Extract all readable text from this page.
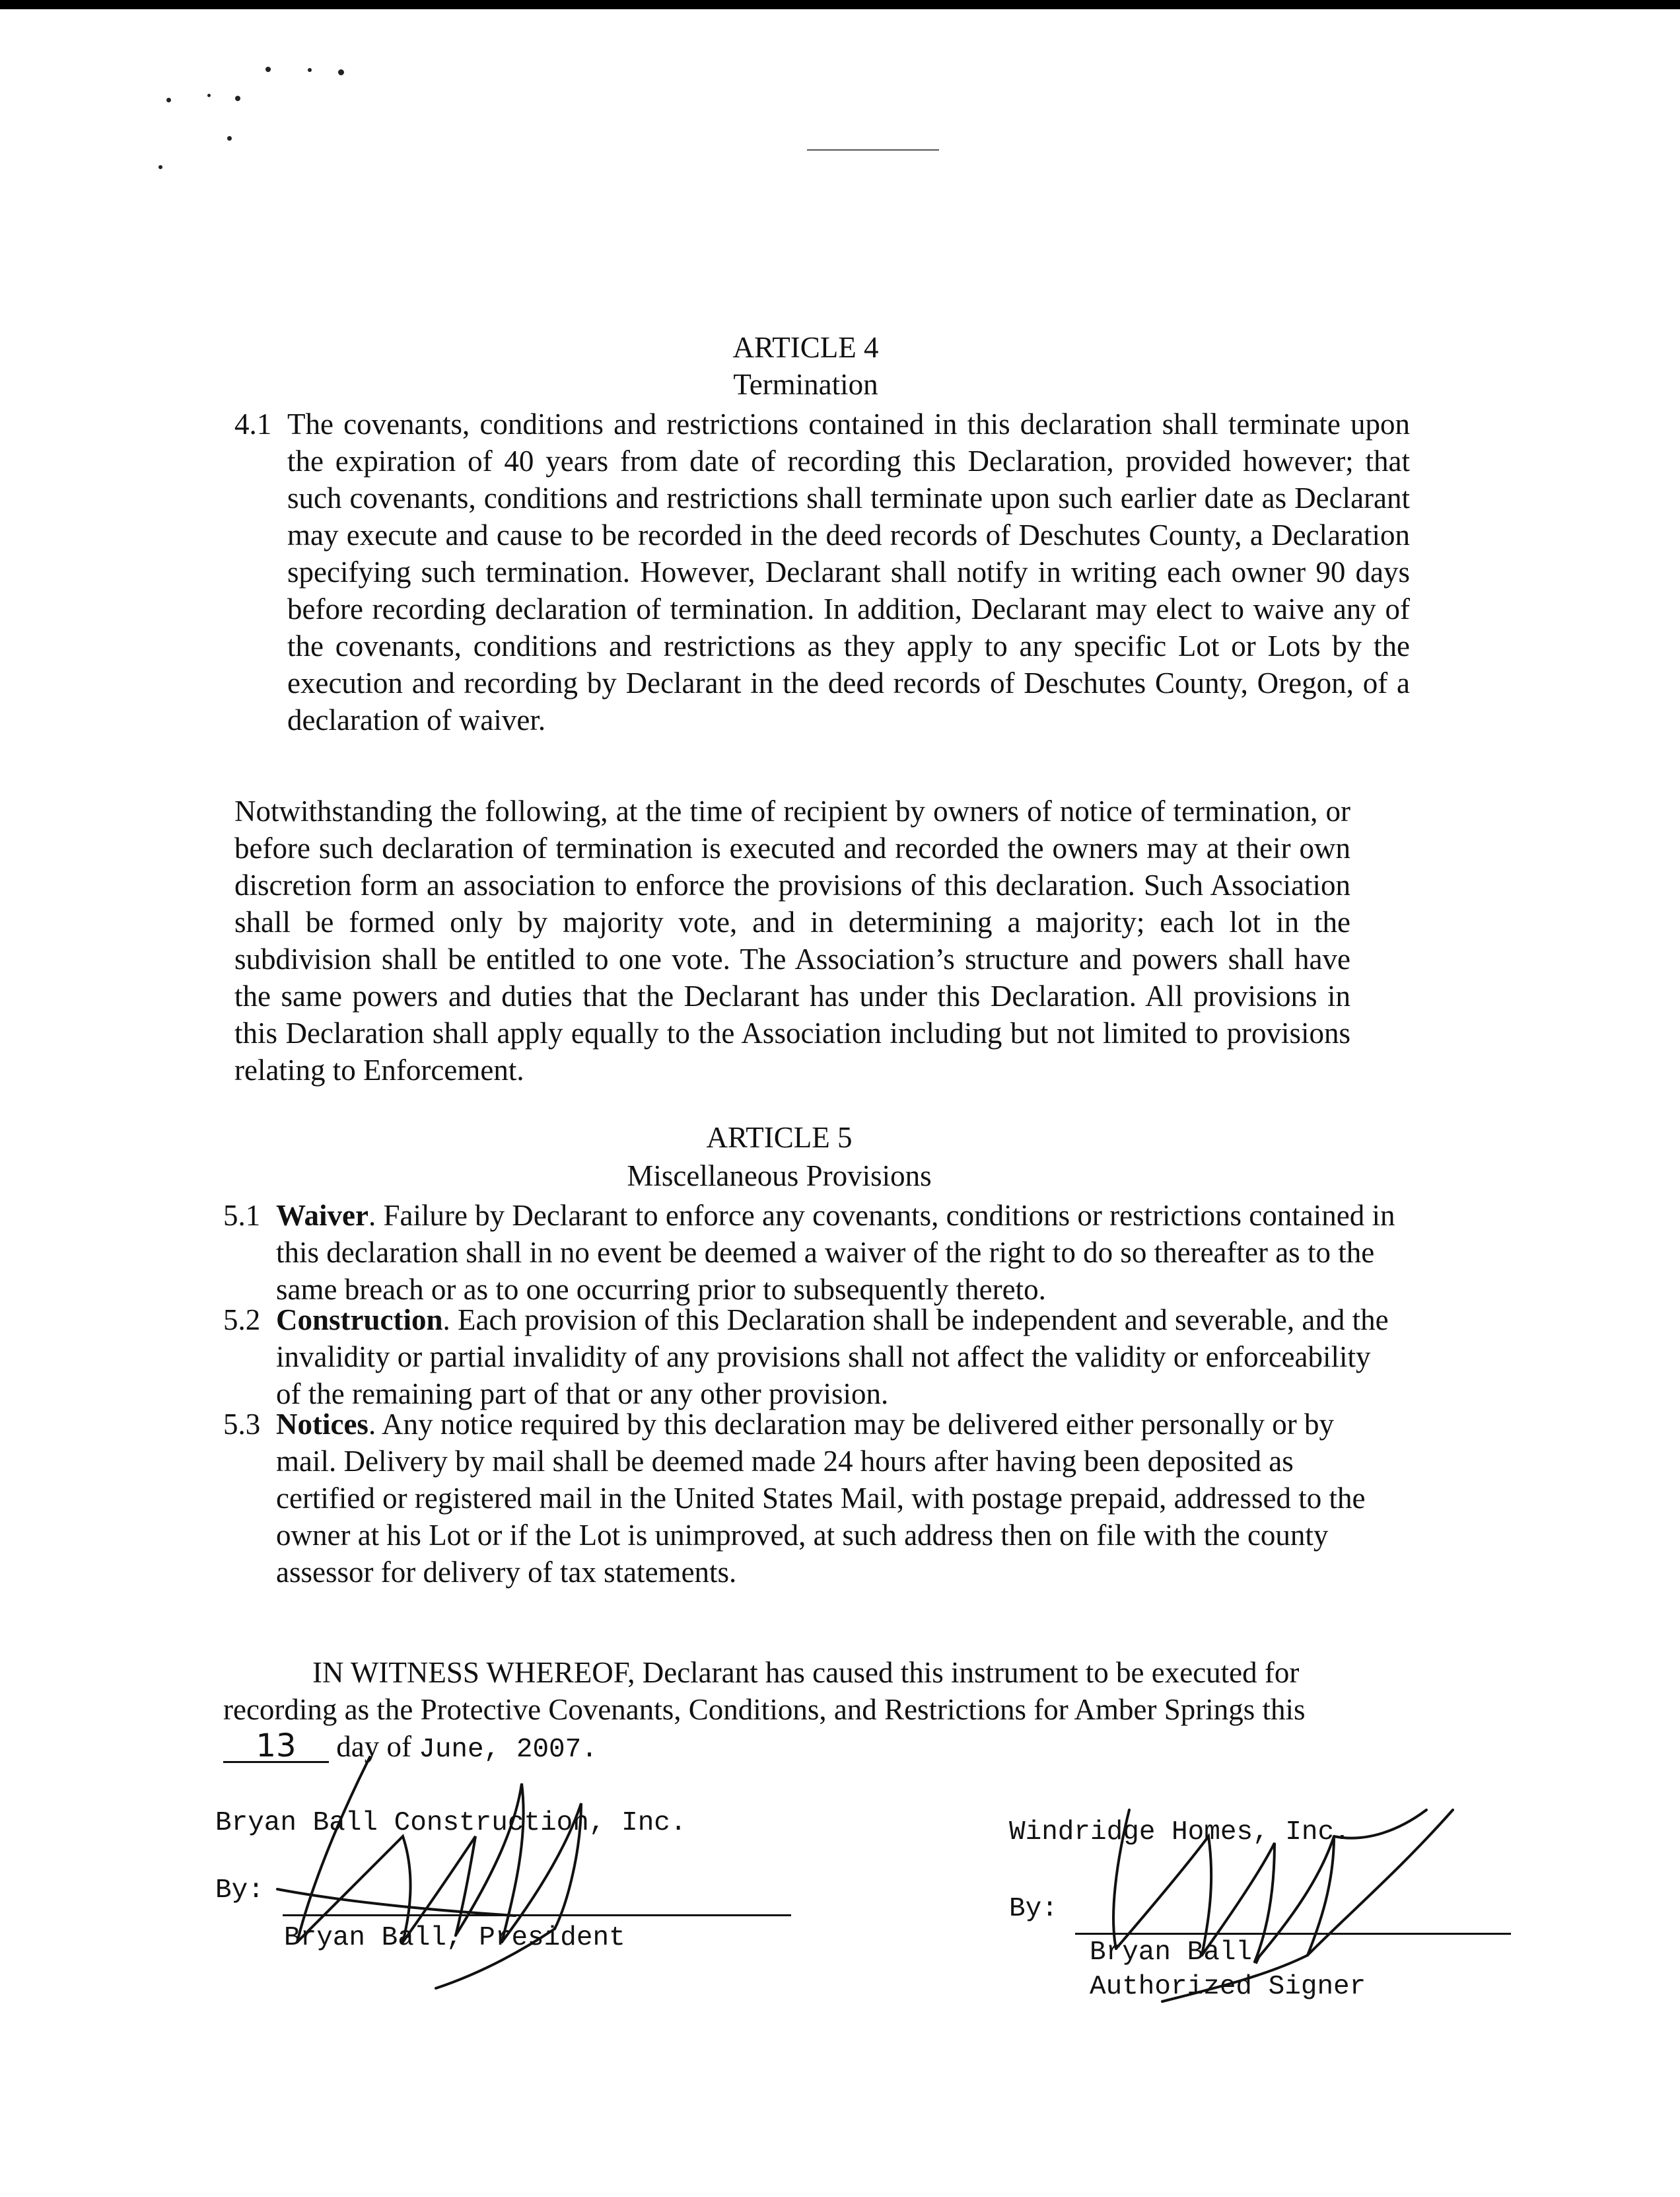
ARTICLE 4
Termination
4.1 The covenants, conditions and restrictions contained in this declaration shall terminate upon the expiration of 40 years from date of recording this Declaration, provided however; that such covenants, conditions and restrictions shall terminate upon such earlier date as Declarant may execute and cause to be recorded in the deed records of Deschutes County, a Declaration specifying such termination. However, Declarant shall notify in writing each owner 90 days before recording declaration of termination. In addition, Declarant may elect to waive any of the covenants, conditions and restrictions as they apply to any specific Lot or Lots by the execution and recording by Declarant in the deed records of Deschutes County, Oregon, of a declaration of waiver.
Notwithstanding the following, at the time of recipient by owners of notice of termination, or before such declaration of termination is executed and recorded the owners may at their own discretion form an association to enforce the provisions of this declaration. Such Association shall be formed only by majority vote, and in determining a majority; each lot in the subdivision shall be entitled to one vote. The Association’s structure and powers shall have the same powers and duties that the Declarant has under this Declaration. All provisions in this Declaration shall apply equally to the Association including but not limited to provisions relating to Enforcement.
ARTICLE 5
Miscellaneous Provisions
5.1 Waiver. Failure by Declarant to enforce any covenants, conditions or restrictions contained in this declaration shall in no event be deemed a waiver of the right to do so thereafter as to the same breach or as to one occurring prior to subsequently thereto.
5.2 Construction. Each provision of this Declaration shall be independent and severable, and the invalidity or partial invalidity of any provisions shall not affect the validity or enforceability of the remaining part of that or any other provision.
5.3 Notices. Any notice required by this declaration may be delivered either personally or by mail. Delivery by mail shall be deemed made 24 hours after having been deposited as certified or registered mail in the United States Mail, with postage prepaid, addressed to the owner at his Lot or if the Lot is unimproved, at such address then on file with the county assessor for delivery of tax statements.
IN WITNESS WHEREOF, Declarant has caused this instrument to be executed for recording as the Protective Covenants, Conditions, and Restrictions for Amber Springs this 13 day of June, 2007.
Bryan Ball Construction, Inc.
By:
Bryan Ball, President
Windridge Homes, Inc.
By:
Bryan Ball,
Authorized Signer
